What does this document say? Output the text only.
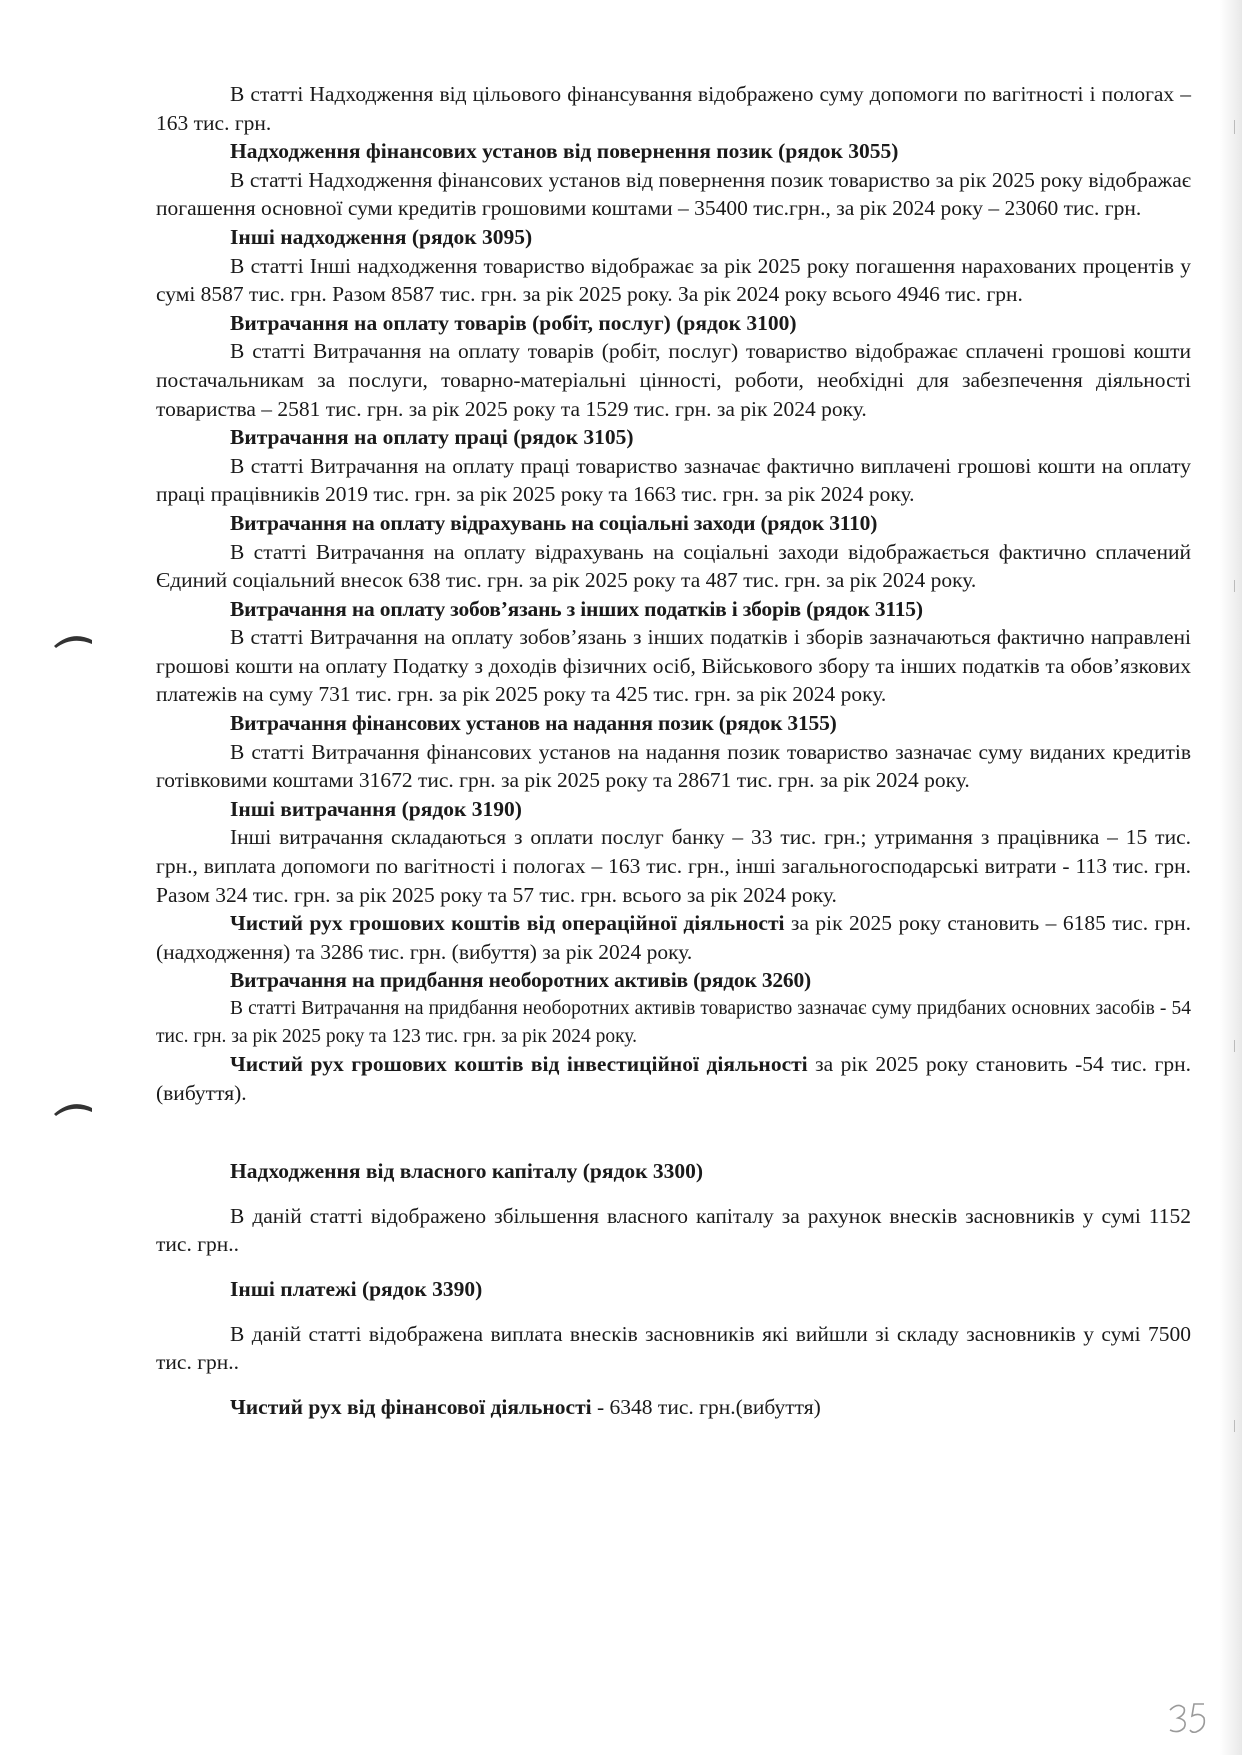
В статті Надходження від цільового фінансування відображено суму допомоги по вагітності і пологах – 163 тис. грн.

Надходження фінансових установ від повернення позик (рядок 3055)

В статті Надходження фінансових установ від повернення позик товариство за рік 2025 року відображає погашення основної суми кредитів грошовими коштами – 35400 тис.грн., за рік 2024 року – 23060 тис. грн.

Інші надходження (рядок 3095)

В статті Інші надходження товариство відображає за рік 2025 року погашення нарахованих процентів у сумі 8587 тис. грн. Разом 8587 тис. грн. за рік 2025 року. За рік 2024 року всього 4946 тис. грн.

Витрачання на оплату товарів (робіт, послуг) (рядок 3100)

В статті Витрачання на оплату товарів (робіт, послуг) товариство відображає сплачені грошові кошти постачальникам за послуги, товарно-матеріальні цінності, роботи, необхідні для забезпечення діяльності товариства – 2581 тис. грн. за рік 2025 року та 1529 тис. грн. за рік 2024 року.

Витрачання на оплату праці (рядок 3105)

В статті Витрачання на оплату праці товариство зазначає фактично виплачені грошові кошти на оплату праці працівників 2019 тис. грн. за рік 2025 року та 1663 тис. грн. за рік 2024 року.

Витрачання на оплату відрахувань на соціальні заходи (рядок 3110)

В статті Витрачання на оплату відрахувань на соціальні заходи відображається фактично сплачений Єдиний соціальний внесок 638 тис. грн. за рік 2025 року та 487 тис. грн. за рік 2024 року.

Витрачання на оплату зобов’язань з інших податків і зборів (рядок 3115)

В статті Витрачання на оплату зобов’язань з інших податків і зборів зазначаються фактично направлені грошові кошти на оплату Податку з доходів фізичних осіб, Військового збору та інших податків та обов’язкових платежів на суму 731 тис. грн. за рік 2025 року та 425 тис. грн. за рік 2024 року.

Витрачання фінансових установ на надання позик (рядок 3155)

В статті Витрачання фінансових установ на надання позик товариство зазначає суму виданих кредитів готівковими коштами 31672 тис. грн. за рік 2025 року та 28671 тис. грн. за рік 2024 року.

Інші витрачання (рядок 3190)

Інші витрачання складаються з оплати послуг банку – 33 тис. грн.; утримання з працівника – 15 тис. грн., виплата допомоги по вагітності і пологах – 163 тис. грн., інші загальногосподарські витрати - 113 тис. грн. Разом 324 тис. грн. за рік 2025 року та 57 тис. грн. всього за рік 2024 року.

Чистий рух грошових коштів від операційної діяльності за рік 2025 року становить – 6185 тис. грн. (надходження) та 3286 тис. грн. (вибуття) за рік 2024 року.

Витрачання на придбання необоротних активів (рядок 3260)

В статті Витрачання на придбання необоротних активів товариство зазначає суму придбаних основних засобів - 54 тис. грн. за рік 2025 року та 123 тис. грн. за рік 2024 року.

Чистий рух грошових коштів від інвестиційної діяльності за рік 2025 року становить -54 тис. грн. (вибуття).

Надходження від власного капіталу (рядок 3300)

В даній статті відображено збільшення власного капіталу за рахунок внесків засновників у сумі 1152 тис. грн..

Інші платежі (рядок 3390)

В даній статті відображена виплата внесків засновників які вийшли зі складу засновників у сумі 7500 тис. грн..

Чистий рух від фінансової діяльності - 6348 тис. грн.(вибуття)
